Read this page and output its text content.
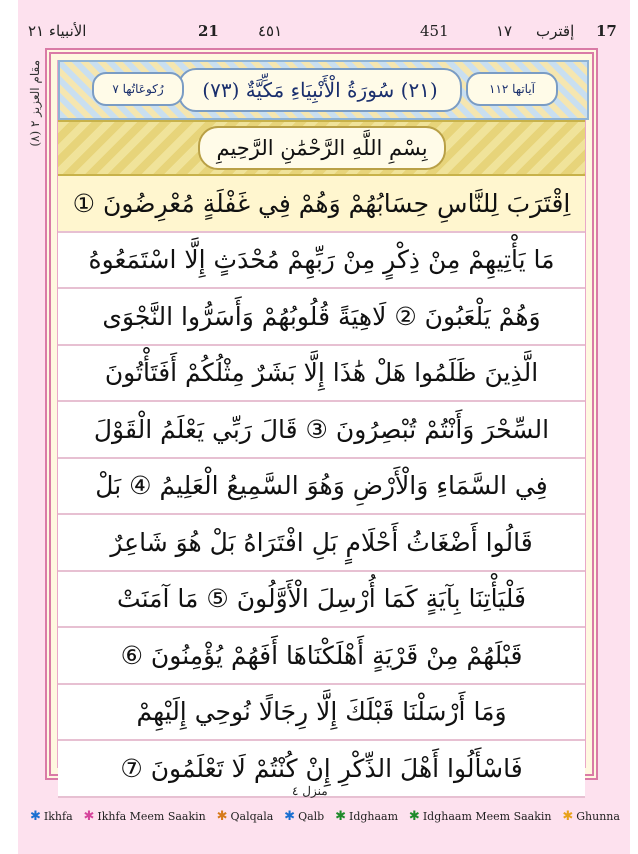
الأنبياء ٢١	21	٤٥١	451	١٧ إقترب 17
(٨) مقام العزيز ٢	آياتها ١١٢
(٢١) سُورَةُ الْأَنْبِيَاءِ مَكِّيَّةٌ (٧٣)
رُكوعَاتُها ٧
بِسْمِ اللَّهِ الرَّحْمَٰنِ الرَّحِيمِ
اِقْتَرَبَ لِلنَّاسِ حِسَابُهُمْ وَهُمْ فِي غَفْلَةٍ مُعْرِضُونَ ①
مَا يَأْتِيهِمْ مِنْ ذِكْرٍ مِنْ رَبِّهِمْ مُحْدَثٍ إِلَّا اسْتَمَعُوهُ
وَهُمْ يَلْعَبُونَ ② لَاهِيَةً قُلُوبُهُمْ وَأَسَرُّوا النَّجْوَى
الَّذِينَ ظَلَمُوا هَلْ هَٰذَا إِلَّا بَشَرٌ مِثْلُكُمْ أَفَتَأْتُونَ
السِّحْرَ وَأَنْتُمْ تُبْصِرُونَ ③ قَالَ رَبِّي يَعْلَمُ الْقَوْلَ
فِي السَّمَاءِ وَالْأَرْضِ وَهُوَ السَّمِيعُ الْعَلِيمُ ④ بَلْ
قَالُوا أَضْغَاثُ أَحْلَامٍ بَلِ افْتَرَاهُ بَلْ هُوَ شَاعِرٌ
فَلْيَأْتِنَا بِآيَةٍ كَمَا أُرْسِلَ الْأَوَّلُونَ ⑤ مَا آمَنَتْ
قَبْلَهُمْ مِنْ قَرْيَةٍ أَهْلَكْنَاهَا أَفَهُمْ يُؤْمِنُونَ ⑥
وَمَا أَرْسَلْنَا قَبْلَكَ إِلَّا رِجَالًا نُوحِي إِلَيْهِمْ
فَاسْأَلُوا أَهْلَ الذِّكْرِ إِنْ كُنْتُمْ لَا تَعْلَمُونَ ⑦
منزل ٤
✱ Ikhfa ✱ Ikhfa Meem Saakin ✱ Qalqala ✱ Qalb ✱ Idghaam ✱ Idghaam Meem Saakin ✱ Ghunna
